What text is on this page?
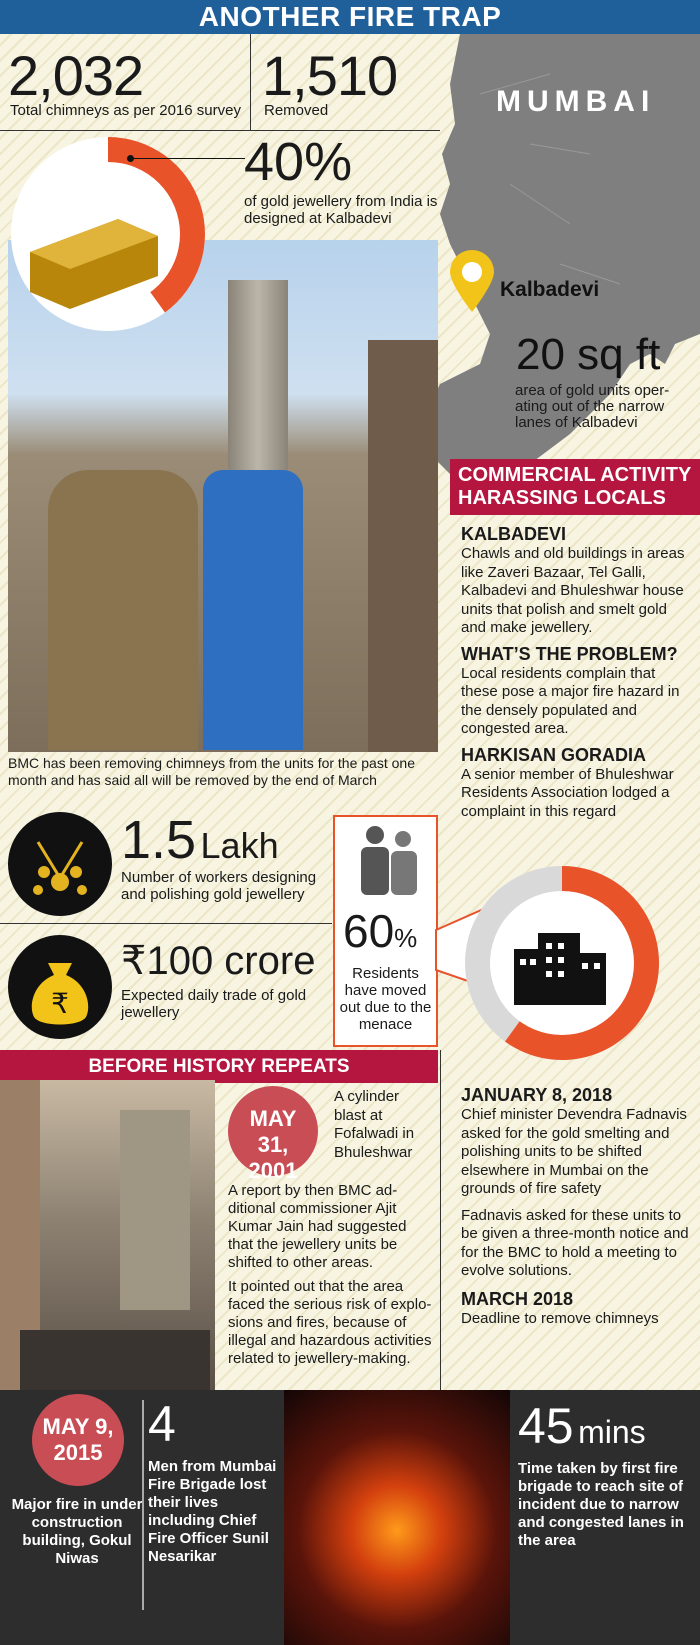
ANOTHER FIRE TRAP
MUMBAI
Kalbadevi
20 sq ft
area of gold units oper-ating out of the narrow lanes of Kalbadevi
2,032
Total chimneys as per 2016 survey
1,510
Removed
40%
of gold jewellery from India is designed at Kalbadevi
BMC has been removing chimneys from the units for the past one month and has said all will be removed by the end of March
COMMERCIAL ACTIVITY HARASSING LOCALS
KALBADEVI
Chawls and old buildings in areas like Zaveri Bazaar, Tel Galli, Kalbadevi and Bhuleshwar house units that polish and smelt gold and make jewellery.
WHAT’S THE PROBLEM?
Local residents complain that these pose a major fire hazard in the densely populated and congested area.
HARKISAN GORADIA
A senior member of Bhuleshwar Residents Association lodged a complaint in this regard
1.5 Lakh
Number of workers designing and polishing gold jewellery
₹
₹100 crore
Expected daily trade of gold jewellery
60%
Residents have moved out due to the menace
BEFORE HISTORY REPEATS
MAY 31, 2001
A cylinder blast at Fofalwadi in Bhuleshwar
A report by then BMC ad-ditional commissioner Ajit Kumar Jain had suggested that the jewellery units be shifted to other areas.
It pointed out that the area faced the serious risk of explo-sions and fires, because of illegal and hazardous activities related to jewellery-making.
JANUARY 8, 2018
Chief minister Devendra Fadnavis asked for the gold smelting and polishing units to be shifted elsewhere in Mumbai on the grounds of fire safety
Fadnavis asked for these units to be given a three-month notice and for the BMC to hold a meeting to evolve solutions.
MARCH 2018
Deadline to remove chimneys
MAY 9, 2015
Major fire in under construction building, Gokul Niwas
4
Men from Mumbai Fire Brigade lost their lives including Chief Fire Officer Sunil Nesarikar
45 mins
Time taken by first fire brigade to reach site of incident due to narrow and congested lanes in the area
